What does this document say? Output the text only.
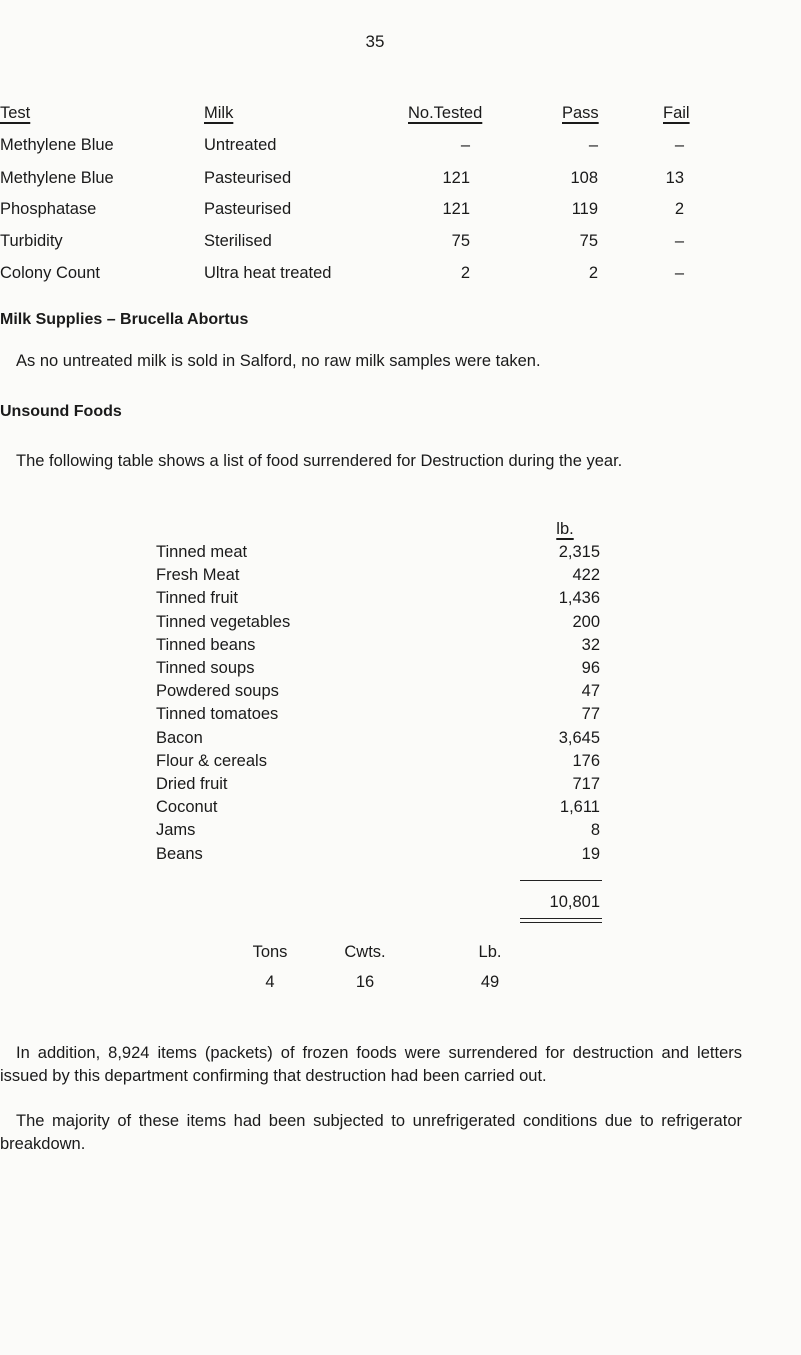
35
Test	Milk	No.Tested	Pass	Fail
Methylene Blue	Untreated	–	–	–
Methylene Blue	Pasteurised	121	108	13
Phosphatase	Pasteurised	121	119	2
Turbidity	Sterilised	75	75	–
Colony Count	Ultra heat treated	2	2	–
Milk Supplies – Brucella Abortus
As no untreated milk is sold in Salford, no raw milk samples were taken.
Unsound Foods
The following table shows a list of food surrendered for Destruction during the year.
lb.
Tinned meat	2,315
Fresh Meat	422
Tinned fruit	1,436
Tinned vegetables	200
Tinned beans	32
Tinned soups	96
Powdered soups	47
Tinned tomatoes	77
Bacon	3,645
Flour & cereals	176
Dried fruit	717
Coconut	1,611
Jams	8
Beans	19
10,801
Tons	Cwts.	Lb.
4	16	49
In addition, 8,924 items (packets) of frozen foods were surrendered for destruction and letters issued by this department confirming that destruction had been carried out.
The majority of these items had been subjected to unrefrigerated conditions due to refrigerator breakdown.
